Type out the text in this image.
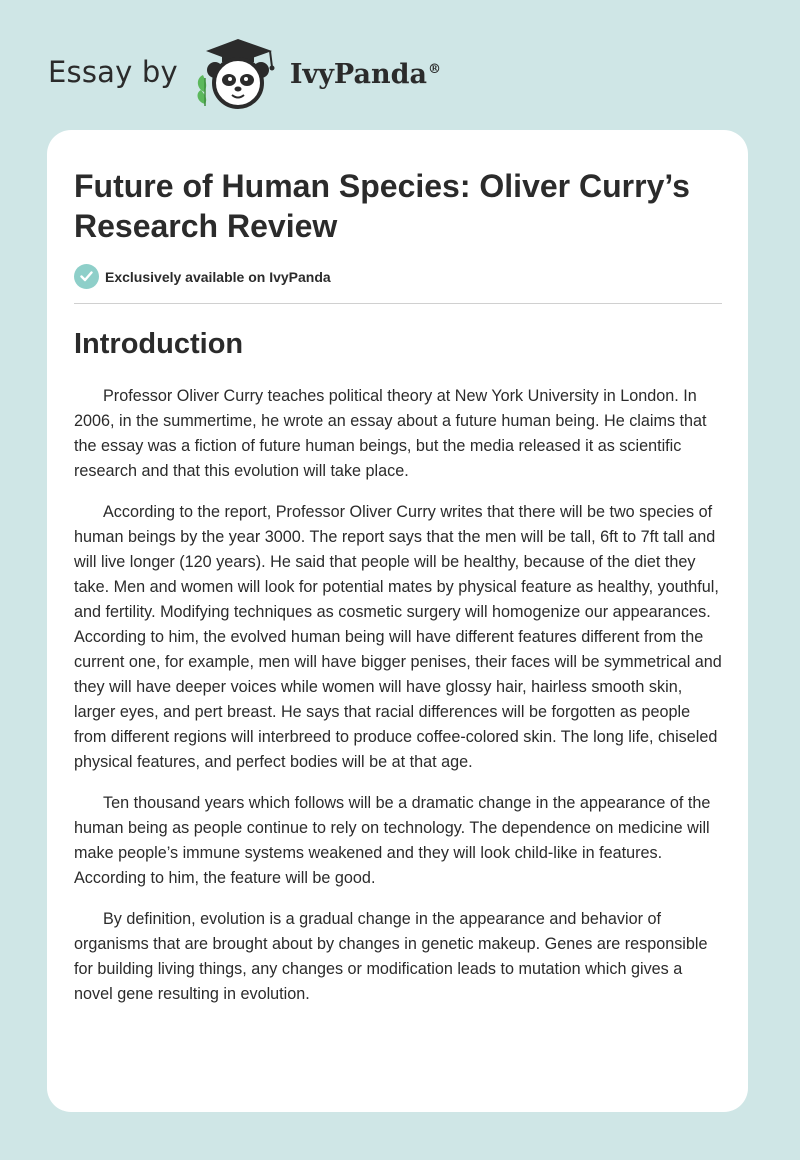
Essay by	IvyPanda®
Future of Human Species: Oliver Curry’s Research Review
Exclusively available on IvyPanda
Introduction

Professor Oliver Curry teaches political theory at New York University in London. In 2006, in the summertime, he wrote an essay about a future human being. He claims that the essay was a fiction of future human beings, but the media released it as scientific research and that this evolution will take place.

According to the report, Professor Oliver Curry writes that there will be two species of human beings by the year 3000. The report says that the men will be tall, 6ft to 7ft tall and will live longer (120 years). He said that people will be healthy, because of the diet they take. Men and women will look for potential mates by physical feature as healthy, youthful, and fertility. Modifying techniques as cosmetic surgery will homogenize our appearances. According to him, the evolved human being will have different features different from the current one, for example, men will have bigger penises, their faces will be symmetrical and they will have deeper voices while women will have glossy hair, hairless smooth skin, larger eyes, and pert breast. He says that racial differences will be forgotten as people from different regions will interbreed to produce coffee-colored skin. The long life, chiseled physical features, and perfect bodies will be at that age.

Ten thousand years which follows will be a dramatic change in the appearance of the human being as people continue to rely on technology. The dependence on medicine will make people’s immune systems weakened and they will look child-like in features. According to him, the feature will be good.

By definition, evolution is a gradual change in the appearance and behavior of organisms that are brought about by changes in genetic makeup. Genes are responsible for building living things, any changes or modification leads to mutation which gives a novel gene resulting in evolution.
